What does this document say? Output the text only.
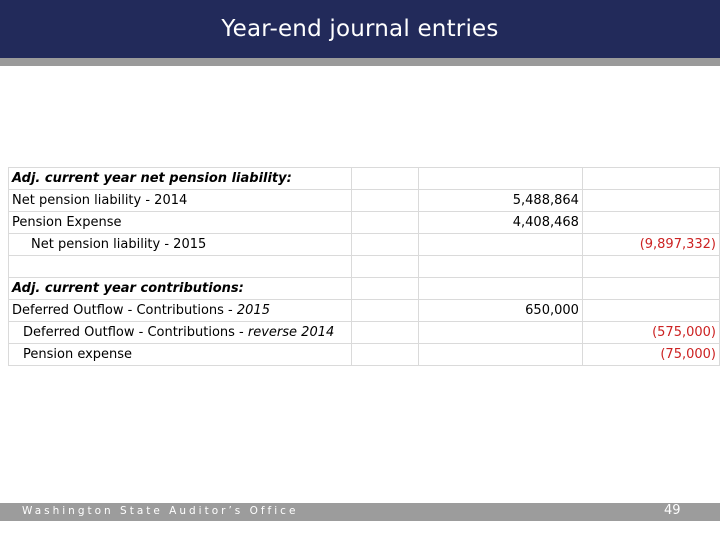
Year-end journal entries
Adj. current year net pension liability:			
Net pension liability - 2014		5,488,864	
Pension Expense		4,408,468	
Net pension liability - 2015			(9,897,332)

Adj. current year contributions:			
Deferred Outflow - Contributions - 2015		650,000	
Deferred Outflow - Contributions - reverse 2014			(575,000)
Pension expense			(75,000)
Washington State Auditor’s Office	49
